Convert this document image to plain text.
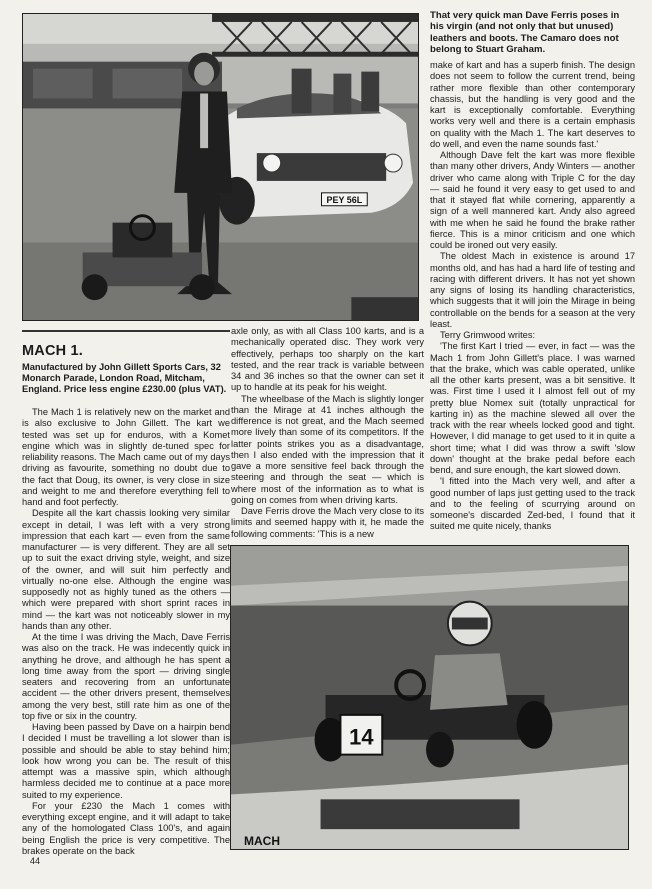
PEY 56L
That very quick man Dave Ferris poses in his virgin (and not only that but unused) leathers and boots. The Camaro does not belong to Stuart Graham.
MACH 1.
Manufactured by John Gillett Sports Cars, 32 Monarch Parade, London Road, Mitcham, England. Price less engine £230.00 (plus VAT).

The Mach 1 is relatively new on the market and is also exclusive to John Gillett. The kart we tested was set up for enduros, with a Komet engine which was in slightly de-tuned spec for reliability reasons. The Mach came out of my days driving as favourite, something no doubt due to the fact that Doug, its owner, is very close in size and weight to me and therefore everything fell to hand and foot perfectly.

Despite all the kart chassis looking very similar except in detail, I was left with a very strong impression that each kart — even from the same manufacturer — is very different. They are all set up to suit the exact driving style, weight, and size of the owner, and will suit him perfectly and virtually no-one else. Although the engine was supposedly not as highly tuned as the others — which were prepared with short sprint races in mind — the kart was not noticeably slower in my hands than any other.

At the time I was driving the Mach, Dave Ferris was also on the track. He was indecently quick in anything he drove, and although he has spent a long time away from the sport — driving single seaters and recovering from an unfortunate accident — the other drivers present, themselves among the very best, still rate him as one of the top five or six in the country.

Having been passed by Dave on a hairpin bend I decided I must be travelling a lot slower than is possible and should be able to stay behind him; look how wrong you can be. The result of this attempt was a massive spin, which although harmless decided me to continue at a pace more suited to my experience.

For your £230 the Mach 1 comes with everything except engine, and it will adapt to take any of the homologated Class 100's, and again being English the price is very competitive. The brakes operate on the back

axle only, as with all Class 100 karts, and is a mechanically operated disc. They work very effectively, perhaps too sharply on the kart tested, and the rear track is variable between 34 and 36 inches so that the owner can set it up to handle at its peak for his weight.

The wheelbase of the Mach is slightly longer than the Mirage at 41 inches although the difference is not great, and the Mach seemed more lively than some of its competitors. If the latter points strikes you as a disadvantage, then I also ended with the impression that it gave a more sensitive feel back through the steering and through the seat — which is where most of the information as to what is going on comes from when driving karts.

Dave Ferris drove the Mach very close to its limits and seemed happy with it, he made the following comments: 'This is a new

make of kart and has a superb finish. The design does not seem to follow the current trend, being rather more flexible than other contemporary chassis, but the handling is very good and the kart is exceptionally comfortable. Everything works very well and there is a certain emphasis on quality with the Mach 1. The kart deserves to do well, and even the name sounds fast.'

Although Dave felt the kart was more flexible than many other drivers, Andy Winters — another driver who came along with Triple C for the day — said he found it very easy to get used to and that it stayed flat while cornering, apparently a sign of a well mannered kart. Andy also agreed with me when he said he found the brake rather fierce. This is a minor criticism and one which could be ironed out very easily.

The oldest Mach in existence is around 17 months old, and has had a hard life of testing and racing with different drivers. It has not yet shown any signs of losing its handling characteristics, which suggests that it will join the Mirage in being controllable on the bends for a season at the very least.

Terry Grimwood writes:

'The first Kart I tried — ever, in fact — was the Mach 1 from John Gillett's place. I was warned that the brake, which was cable operated, unlike all the other karts present, was a bit sensitive. It was. First time I used it I almost fell out of my pretty blue Nomex suit (totally unpractical for karting in) as the machine slewed all over the track with the rear wheels locked good and tight. However, I did manage to get used to it in quite a short time; what I did was throw a swift 'slow down' thought at the brake pedal before each bend, and sure enough, the kart slowed down.

'I fitted into the Mach very well, and after a good number of laps just getting used to the track and to the feeling of scurrying around on someone's discarded Zed-bed, I found that it suited me quite nicely, thanks

14
MACH
44
